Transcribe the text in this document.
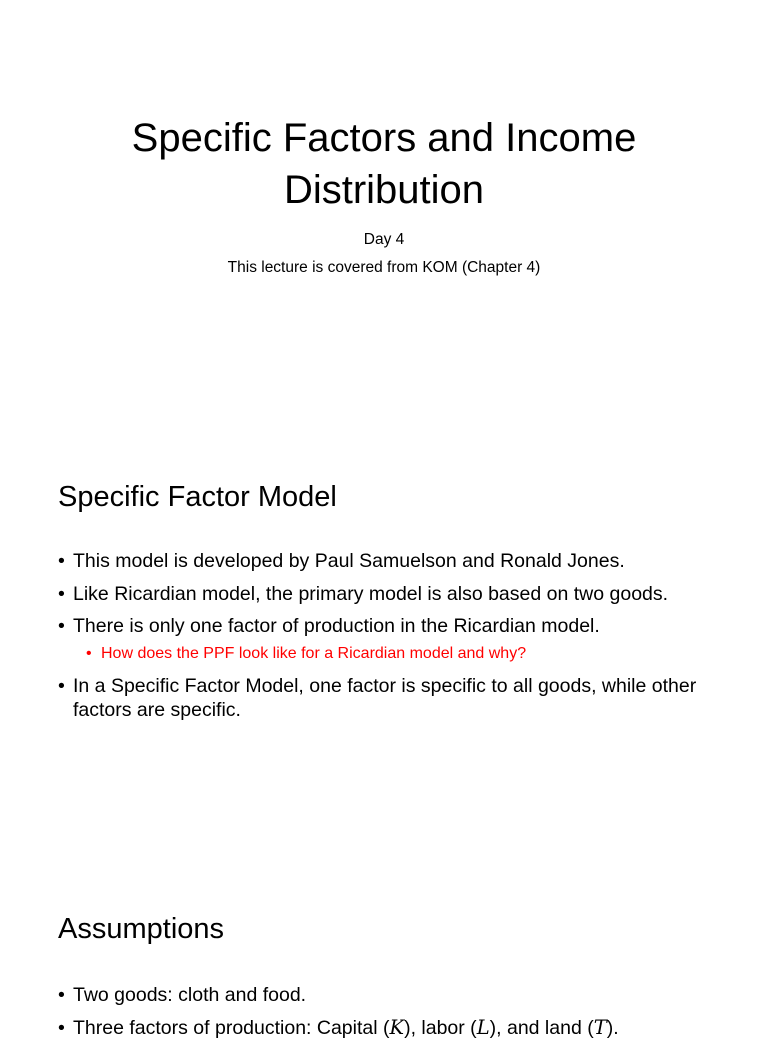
Specific Factors and Income
Distribution

Day 4

This lecture is covered from KOM (Chapter 4)

Specific Factor Model
• This model is developed by Paul Samuelson and Ronald Jones.
• Like Ricardian model, the primary model is also based on two goods.
• There is only one factor of production in the Ricardian model.
• How does the PPF look like for a Ricardian model and why?
• In a Specific Factor Model, one factor is specific to all goods, while other factors are specific.
Assumptions
• Two goods: cloth and food.
• Three factors of production: Capital (K), labor (L), and land (T).
